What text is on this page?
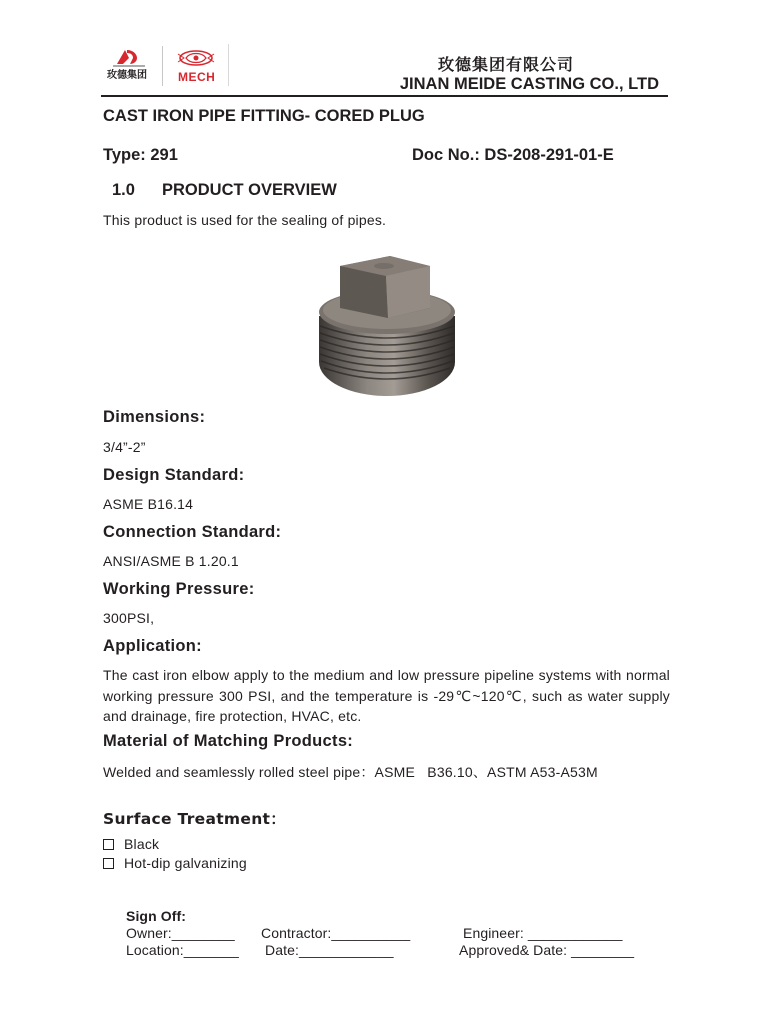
玫德集团	MECH
玫德集团有限公司
JINAN MEIDE CASTING CO., LTD
CAST IRON PIPE FITTING- CORED PLUG
Type: 291	Doc No.: DS-208-291-01-E
1.0 PRODUCT OVERVIEW
This product is used for the sealing of pipes.
Dimensions:
3/4”-2”
Design Standard:
ASME B16.14
Connection Standard:
ANSI/ASME B 1.20.1
Working Pressure:
300PSI,
Application:
The cast iron elbow apply to the medium and low pressure pipeline systems with normal working pressure 300 PSI, and the temperature is -29℃~120℃, such as water supply and drainage, fire protection, HVAC, etc.
Material of Matching Products:
Welded and seamlessly rolled steel pipe：ASME   B36.10、ASTM A53-A53M
Surface Treatment：
Black
Hot-dip galvanizing
Sign Off:
Owner:________ Contractor:__________	Engineer: ____________
Location:_______ Date:____________	Approved& Date: ________
